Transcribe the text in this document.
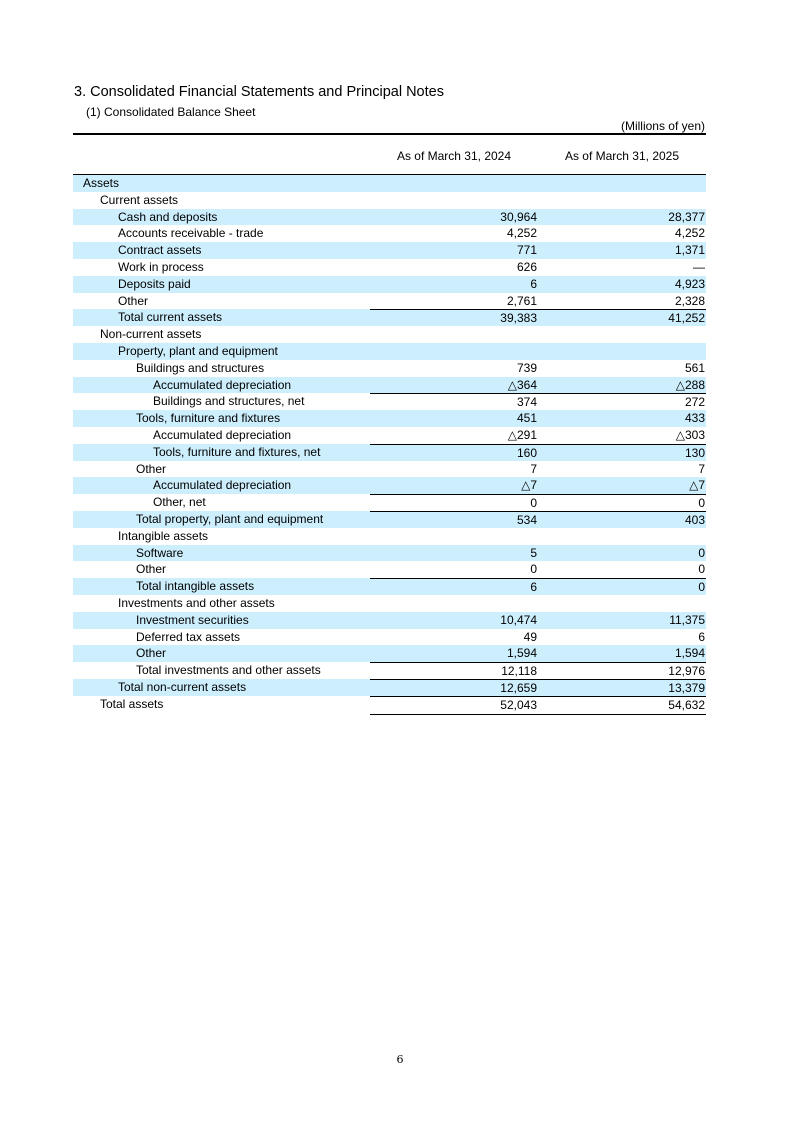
3. Consolidated Financial Statements and Principal Notes
(1) Consolidated Balance Sheet
(Millions of yen)
As of March 31, 2024	As of March 31, 2025
Assets
Current assets
Cash and deposits	30,964	28,377
Accounts receivable - trade	4,252	4,252
Contract assets	771	1,371
Work in process	626	—
Deposits paid	6	4,923
Other	2,761	2,328
Total current assets	39,383	41,252
Non-current assets
Property, plant and equipment
Buildings and structures	739	561
Accumulated depreciation	△364	△288
Buildings and structures, net	374	272
Tools, furniture and fixtures	451	433
Accumulated depreciation	△291	△303
Tools, furniture and fixtures, net	160	130
Other	7	7
Accumulated depreciation	△7	△7
Other, net	0	0
Total property, plant and equipment	534	403
Intangible assets
Software	5	0
Other	0	0
Total intangible assets	6	0
Investments and other assets
Investment securities	10,474	11,375
Deferred tax assets	49	6
Other	1,594	1,594
Total investments and other assets	12,118	12,976
Total non-current assets	12,659	13,379
Total assets	52,043	54,632
6
